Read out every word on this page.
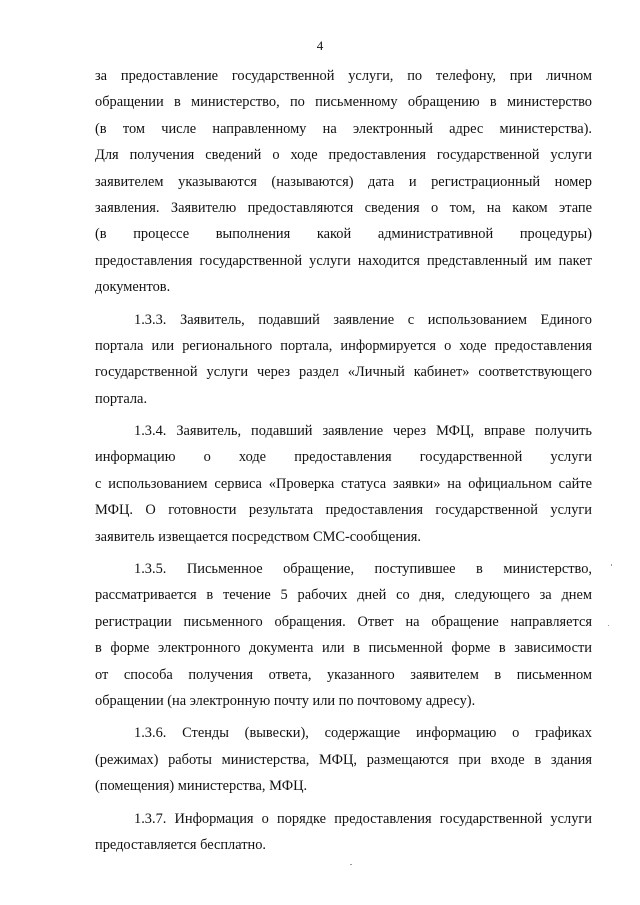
4
за предоставление государственной услуги, по телефону, при личном
обращении в министерство, по письменному обращению в министерство
(в том числе направленному на электронный адрес министерства).
Для получения сведений о ходе предоставления государственной услуги
заявителем указываются (называются) дата и регистрационный номер
заявления. Заявителю предоставляются сведения о том, на каком этапе
(в процессе выполнения какой административной процедуры)
предоставления государственной услуги находится представленный им пакет
документов.
1.3.3. Заявитель, подавший заявление с использованием Единого
портала или регионального портала, информируется о ходе предоставления
государственной услуги через раздел «Личный кабинет» соответствующего
портала.
1.3.4. Заявитель, подавший заявление через МФЦ, вправе получить
информацию о ходе предоставления государственной услуги
с использованием сервиса «Проверка статуса заявки» на официальном сайте
МФЦ. О готовности результата предоставления государственной услуги
заявитель извещается посредством СМС-сообщения.
1.3.5. Письменное обращение, поступившее в министерство,
рассматривается в течение 5 рабочих дней со дня, следующего за днем
регистрации письменного обращения. Ответ на обращение направляется
в форме электронного документа или в письменной форме в зависимости
от способа получения ответа, указанного заявителем в письменном
обращении (на электронную почту или по почтовому адресу).
1.3.6. Стенды (вывески), содержащие информацию о графиках
(режимах) работы министерства, МФЦ, размещаются при входе в здания
(помещения) министерства, МФЦ.
1.3.7. Информация о порядке предоставления государственной услуги
предоставляется бесплатно.
